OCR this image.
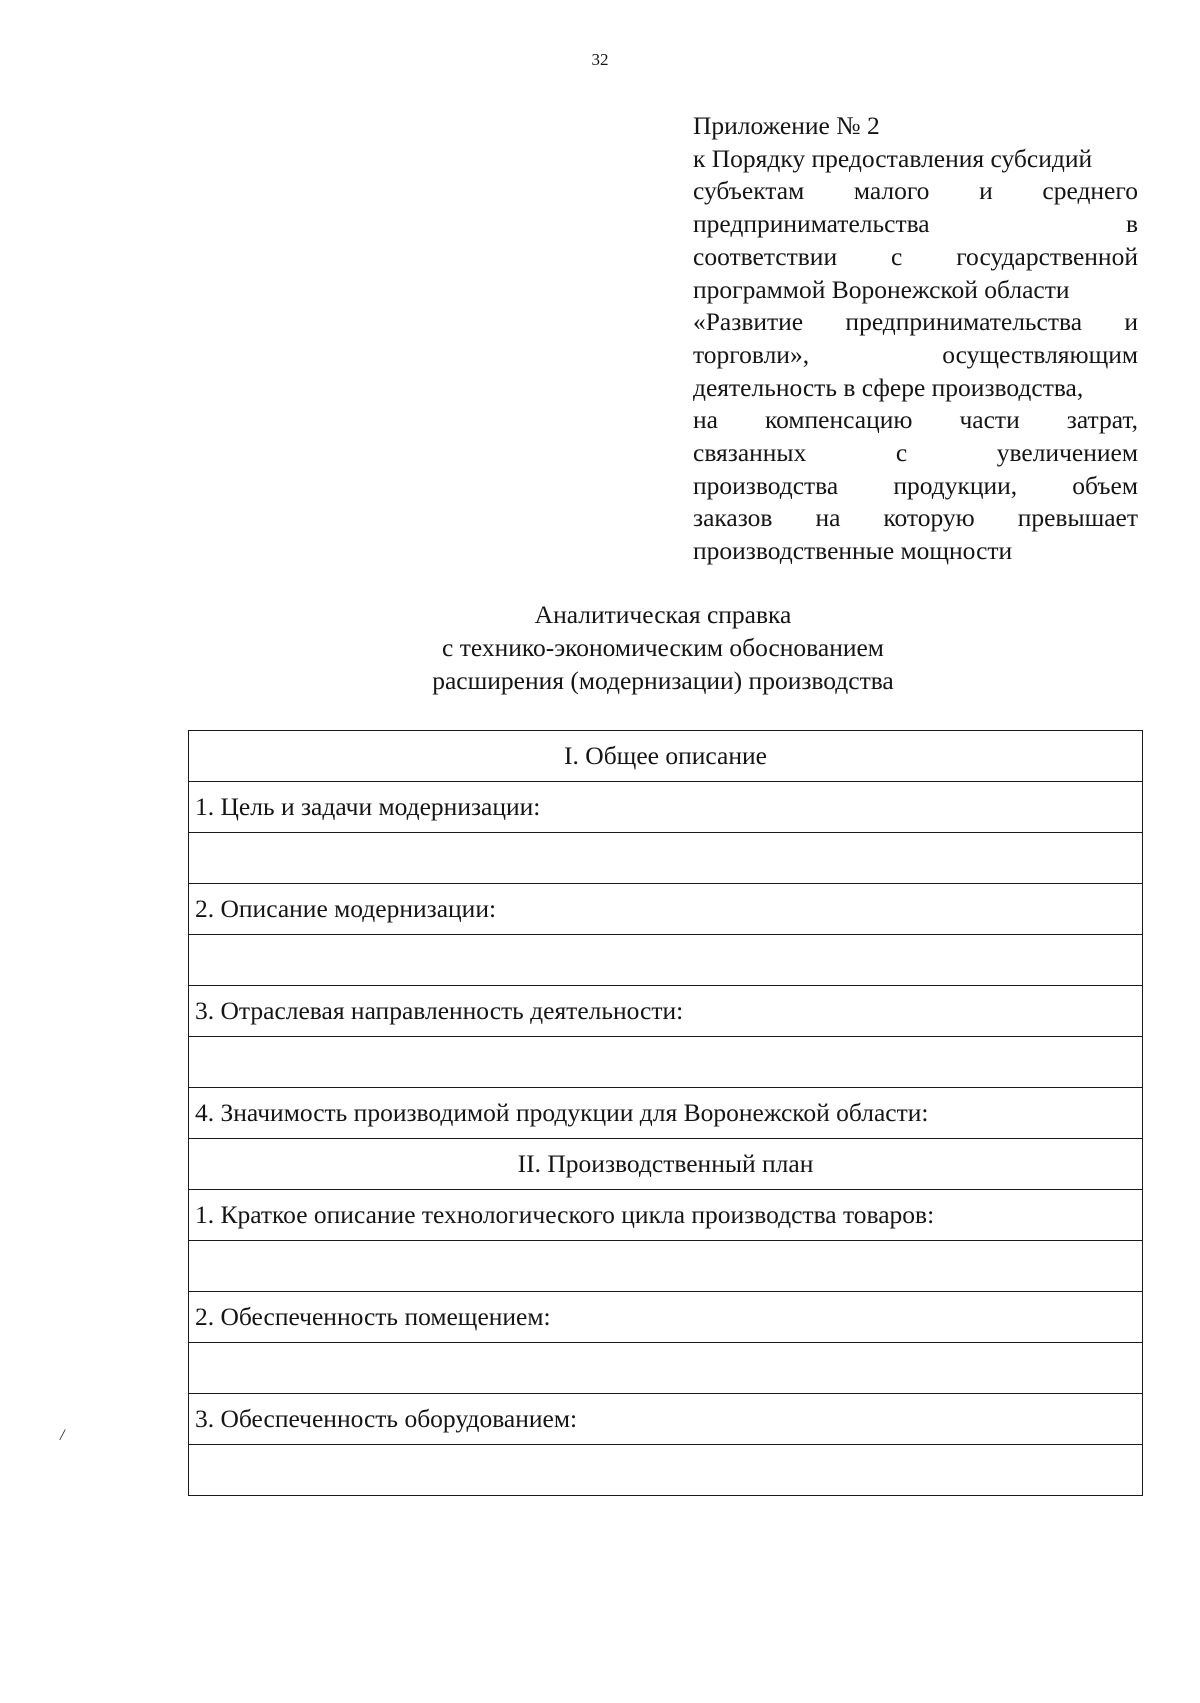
32
Приложение № 2
к Порядку предоставления субсидий
субъектам малого и среднего
предпринимательства	в
соответствии с государственной
программой Воронежской области
«Развитие предпринимательства и
торговли»,	осуществляющим
деятельность в сфере производства,
на компенсацию части затрат,
связанных	с	увеличением
производства продукции, объем
заказов на которую превышает
производственные мощности
Аналитическая справка
с технико-экономическим обоснованием
расширения (модернизации) производства
I. Общее описание
1. Цель и задачи модернизации:

2. Описание модернизации:

3. Отраслевая направленность деятельности:

4. Значимость производимой продукции для Воронежской области:
II. Производственный план
1. Краткое описание технологического цикла производства товаров:

2. Обеспеченность помещением:

3. Обеспеченность оборудованием:

/
